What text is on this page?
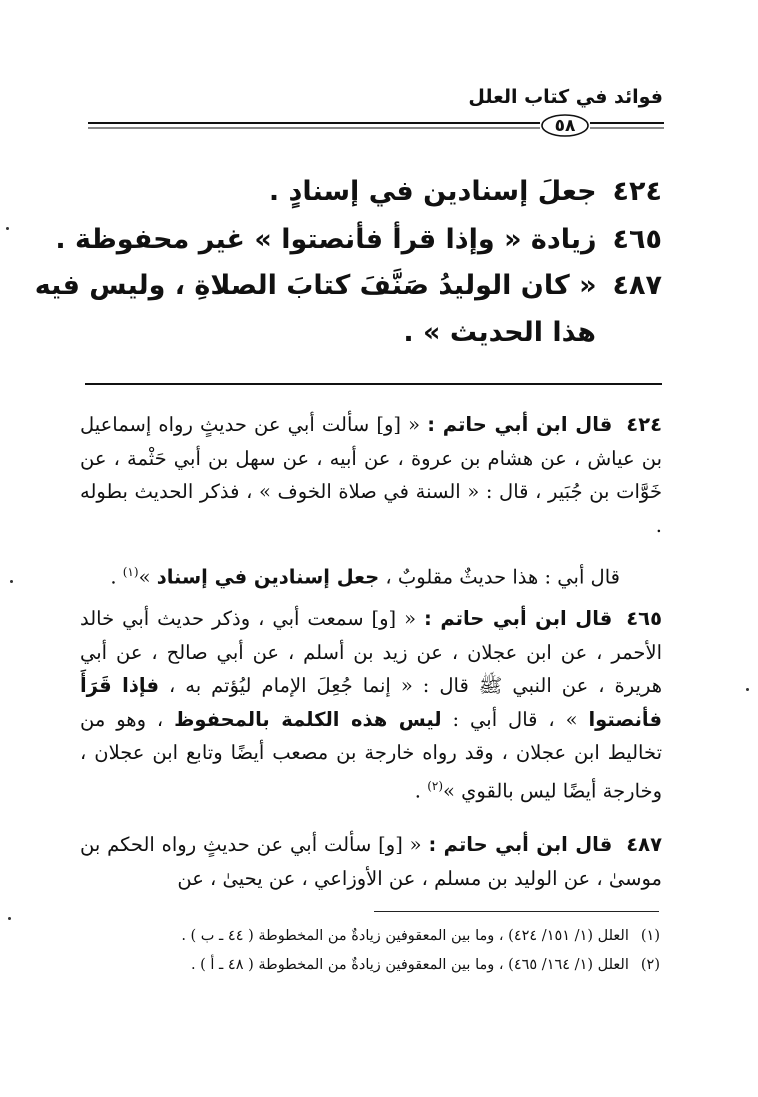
فوائد في كتاب العلل
٥٨
٤٢٤جعلَ إسنادين في إسنادٍ .
٤٦٥زيادة « وإذا قرأ فأنصتوا » غير محفوظة .
٤٨٧« كان الوليدُ صَنَّفَ كتابَ الصلاةِ ، وليس فيه
هذا الحديث » .
٤٢٤قال ابن أبي حاتم : « [و] سألت أبي عن حديثٍ رواه إسماعيل بن عياش ، عن هشام بن عروة ، عن أبيه ، عن سهل بن أبي حَثْمة ، عن خَوَّات بن جُبَير ، قال : « السنة في صلاة الخوف » ، فذكر الحديث بطوله .
قال أبي : هذا حديثٌ مقلوبٌ ، جعل إسنادين في إسناد »$^{(١)}$ .
٤٦٥قال ابن أبي حاتم : « [و] سمعت أبي ، وذكر حديث أبي خالد الأحمر ، عن ابن عجلان ، عن زيد بن أسلم ، عن أبي صالح ، عن أبي هريرة ، عن النبي ﷺ قال : « إنما جُعِلَ الإمام ليُؤتم به ، فإذا قَرَأَ فأنصتوا » ، قال أبي : ليس هذه الكلمة بالمحفوظ ، وهو من تخاليط ابن عجلان ، وقد رواه خارجة بن مصعب أيضًا وتابع ابن عجلان ، وخارجة أيضًا ليس بالقوي »$^{(٢)}$ .
٤٨٧قال ابن أبي حاتم : « [و] سألت أبي عن حديثٍ رواه الحكم بن موسىٰ ، عن الوليد بن مسلم ، عن الأوزاعي ، عن يحيىٰ ، عن
(١)العلل (١/ ١٥١/ ٤٢٤) ، وما بين المعقوفين زيادةٌ من المخطوطة ( ٤٤ ـ ب ) .
(٢)العلل (١/ ١٦٤/ ٤٦٥) ، وما بين المعقوفين زيادةٌ من المخطوطة ( ٤٨ ـ أ ) .
